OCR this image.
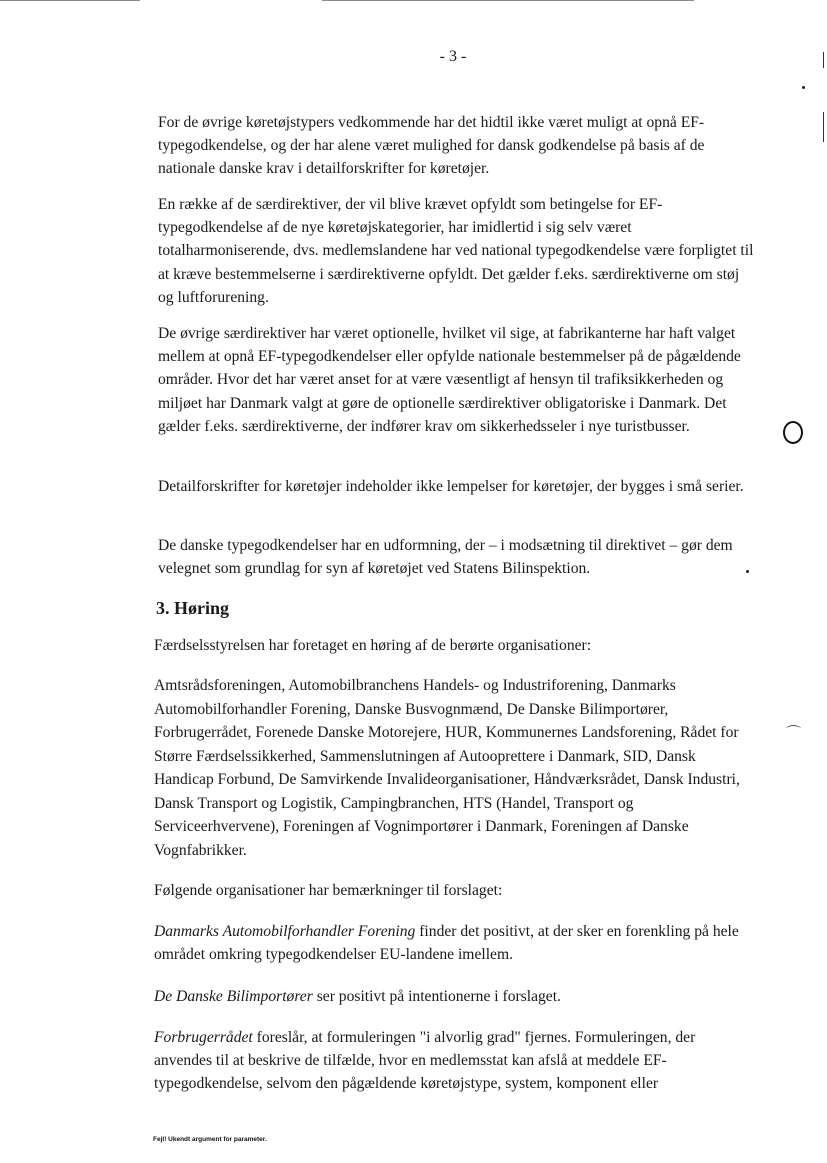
- 3 -

For de øvrige køretøjstypers vedkommende har det hidtil ikke været muligt at opnå EF-typegodkendelse, og der har alene været mulighed for dansk godkendelse på basis af de nationale danske krav i detailforskrifter for køretøjer.

En række af de særdirektiver, der vil blive krævet opfyldt som betingelse for EF-typegodkendelse af de nye køretøjskategorier, har imidlertid i sig selv været totalharmoniserende, dvs. medlemslandene har ved national typegodkendelse være forpligtet til at kræve bestemmelserne i særdirektiverne opfyldt. Det gælder f.eks. særdirektiverne om støj og luftforurening.

De øvrige særdirektiver har været optionelle, hvilket vil sige, at fabrikanterne har haft valget mellem at opnå EF-typegodkendelser eller opfylde nationale bestemmelser på de pågældende områder. Hvor det har været anset for at være væsentligt af hensyn til trafiksikkerheden og miljøet har Danmark valgt at gøre de optionelle særdirektiver obligatoriske i Danmark. Det gælder f.eks. særdirektiverne, der indfører krav om sikkerhedsseler i nye turistbusser.

Detailforskrifter for køretøjer indeholder ikke lempelser for køretøjer, der bygges i små serier.

De danske typegodkendelser har en udformning, der – i modsætning til direktivet – gør dem velegnet som grundlag for syn af køretøjet ved Statens Bilinspektion.

3. Høring

Færdselsstyrelsen har foretaget en høring af de berørte organisationer:

Amtsrådsforeningen, Automobilbranchens Handels- og Industriforening, Danmarks Automobilforhandler Forening, Danske Busvognmænd, De Danske Bilimportører, Forbrugerrådet, Forenede Danske Motorejere, HUR, Kommunernes Landsforening, Rådet for Større Færdselssikkerhed, Sammenslutningen af Autooprettere i Danmark, SID, Dansk Handicap Forbund, De Samvirkende Invalideorganisationer, Håndværksrådet, Dansk Industri, Dansk Transport og Logistik, Campingbranchen, HTS (Handel, Transport og Serviceerhvervene), Foreningen af Vognimportører i Danmark, Foreningen af Danske Vognfabrikker.

⌒

Følgende organisationer har bemærkninger til forslaget:

Danmarks Automobilforhandler Forening finder det positivt, at der sker en forenkling på hele området omkring typegodkendelser EU-landene imellem.

De Danske Bilimportører ser positivt på intentionerne i forslaget.

Forbrugerrådet foreslår, at formuleringen "i alvorlig grad" fjernes. Formuleringen, der anvendes til at beskrive de tilfælde, hvor en medlemsstat kan afslå at meddele EF-typegodkendelse, selvom den pågældende køretøjstype, system, komponent eller

Fejl! Ukendt argument for parameter.
